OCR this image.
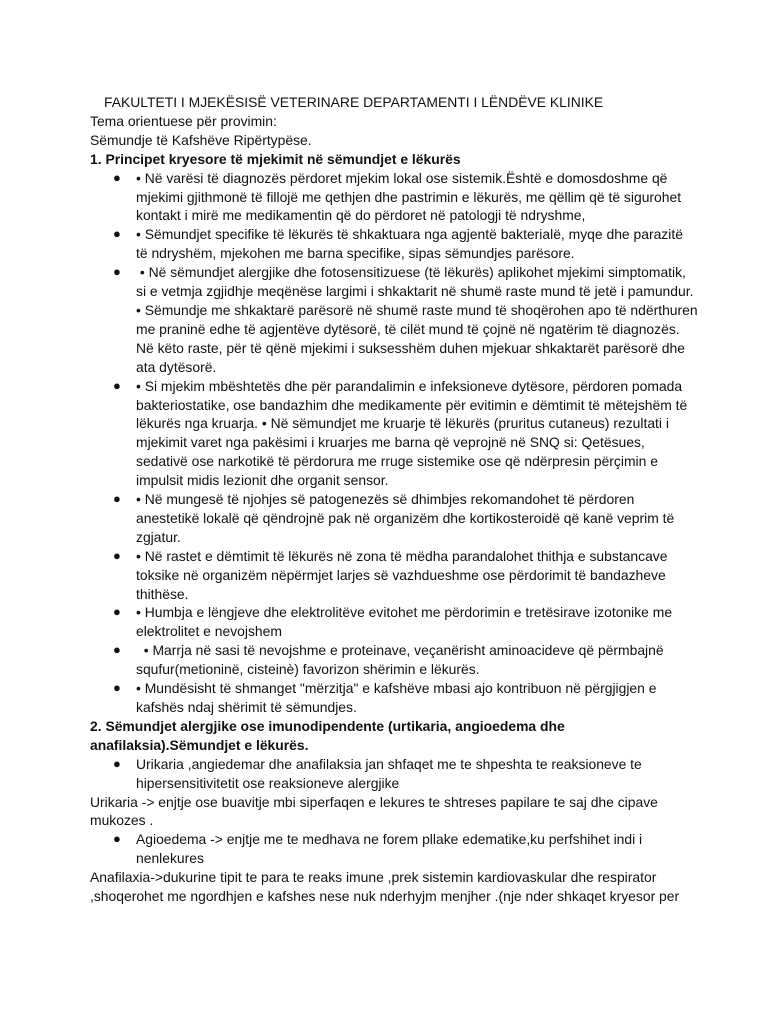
FAKULTETI I MJEKËSISË VETERINARE DEPARTAMENTI I LËNDËVE KLINIKE

Tema orientuese për provimin:

Sëmundje të Kafshëve Ripërtypëse.

1. Principet kryesore të mjekimit në sëmundjet e lëkurës

● • Në varësi të diagnozës përdoret mjekim lokal ose sistemik.Është e domosdoshme që mjekimi gjithmonë të fillojë me qethjen dhe pastrimin e lëkurës, me qëllim që të sigurohet kontakt i mirë me medikamentin që do përdoret në patologji të ndryshme,
● • Sëmundjet specifike të lëkurës të shkaktuara nga agjentë bakterialë, myqe dhe parazitë të ndryshëm, mjekohen me barna specifike, sipas sëmundjes parësore.
● • Në sëmundjet alergjike dhe fotosensitizuese (të lëkurës) aplikohet mjekimi simptomatik, si e vetmja zgjidhje meqënëse largimi i shkaktarit në shumë raste mund të jetë i pamundur. • Sëmundje me shkaktarë parësorë në shumë raste mund të shoqërohen apo të ndërthuren me praninë edhe të agjentëve dytësorë, të cilët mund të çojnë në ngatërim të diagnozës. Në këto raste, për të qënë mjekimi i suksesshëm duhen mjekuar shkaktarët parësorë dhe ata dytësorë.
● • Si mjekim mbështetës dhe për parandalimin e infeksioneve dytësore, përdoren pomada bakteriostatike, ose bandazhim dhe medikamente për evitimin e dëmtimit të mëtejshëm të lëkurës nga kruarja. • Në sëmundjet me kruarje të lëkurës (pruritus cutaneus) rezultati i mjekimit varet nga pakësimi i kruarjes me barna që veprojnë në SNQ si: Qetësues, sedativë ose narkotikë të përdorura me rruge sistemike ose që ndërpresin përçimin e impulsit midis lezionit dhe organit sensor.
● • Në mungesë të njohjes së patogenezës së dhimbjes rekomandohet të përdoren anestetikë lokalë që qëndrojnë pak në organizëm dhe kortikosteroidë që kanë veprim të zgjatur.
● • Në rastet e dëmtimit të lëkurës në zona të mëdha parandalohet thithja e substancave toksike në organizëm nëpërmjet larjes së vazhdueshme ose përdorimit të bandazheve thithëse.
● • Humbja e lëngjeve dhe elektrolitëve evitohet me përdorimin e tretësirave izotonike me elektrolitet e nevojshem
● • Marrja në sasi të nevojshme e proteinave, veçanërisht aminoacideve që përmbajnë squfur(metioninë, cisteinè) favorizon shërimin e lëkurës.
● • Mundësisht të shmanget "mërzitja" e kafshëve mbasi ajo kontribuon në përgjigjen e kafshës ndaj shërimit të sëmundjes.

2. Sëmundjet alergjike ose imunodipendente (urtikaria, angioedema dhe anafilaksia).Sëmundjet e lëkurës.

● Urikaria ,angiedemar dhe anafilaksia jan shfaqet me te shpeshta te reaksioneve te hipersensitivitetit ose reaksioneve alergjike

Urikaria -> enjtje ose buavitje mbi siperfaqen e lekures te shtreses papilare te saj dhe cipave mukozes .

● Agioedema -> enjtje me te medhava ne forem pllake edematike,ku perfshihet indi i nenlekures

Anafilaxia->dukurine tipit te para te reaks imune ,prek sistemin kardiovaskular dhe respirator ,shoqerohet me ngordhjen e kafshes nese nuk nderhyjm menjher .(nje nder shkaqet kryesor per
